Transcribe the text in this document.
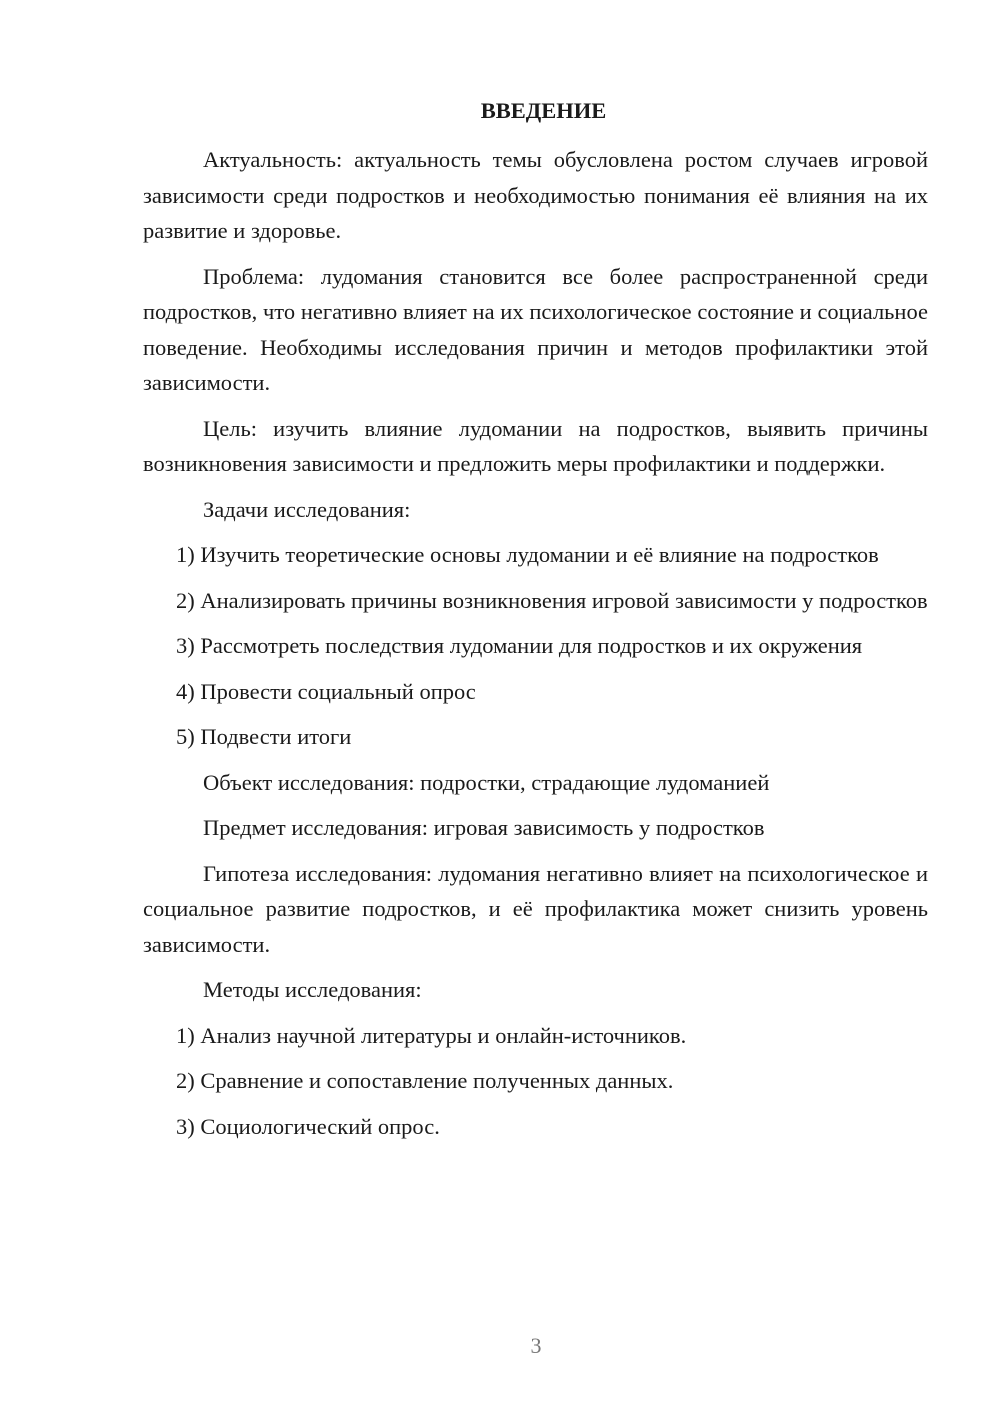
ВВЕДЕНИЕ

Актуальность: актуальность темы обусловлена ростом случаев игровой зависимости среди подростков и необходимостью понимания её влияния на их развитие и здоровье.

Проблема: лудомания становится все более распространенной среди подростков, что негативно влияет на их психологическое состояние и социальное поведение. Необходимы исследования причин и методов профилактики этой зависимости.

Цель: изучить влияние лудомании на подростков, выявить причины возникновения зависимости и предложить меры профилактики и поддержки.

Задачи исследования:

1) Изучить теоретические основы лудомании и её влияние на подростков

2) Анализировать причины возникновения игровой зависимости у подростков

3) Рассмотреть последствия лудомании для подростков и их окружения

4) Провести социальный опрос

5) Подвести итоги

Объект исследования: подростки, страдающие лудоманией

Предмет исследования: игровая зависимость у подростков

Гипотеза исследования: лудомания негативно влияет на психологическое и социальное развитие подростков, и её профилактика может снизить уровень зависимости.

Методы исследования:

1) Анализ научной литературы и онлайн-источников.

2) Сравнение и сопоставление полученных данных.

3) Социологический опрос.

3
